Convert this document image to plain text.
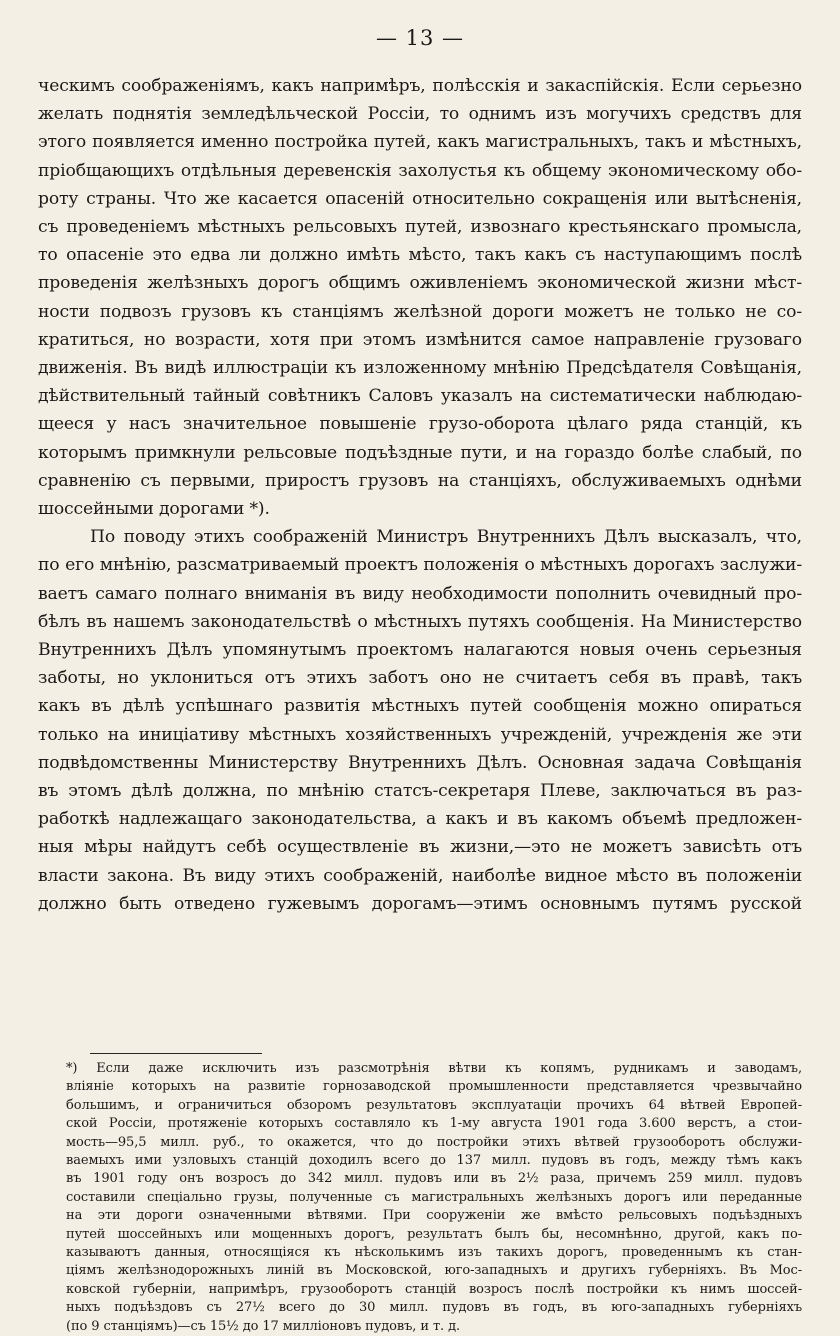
— 13 —
ческимъ соображеніямъ, какъ напримѣръ, полѣсскія и закаспійскія. Если серьезно
желать поднятія земледѣльческой Россіи, то однимъ изъ могучихъ средствъ для
этого появляется именно постройка путей, какъ магистральныхъ, такъ и мѣстныхъ,
пріобщающихъ отдѣльныя деревенскія захолустья къ общему экономическому обо-
роту страны. Что же касается опасеній относительно сокращенія или вытѣсненія,
съ проведеніемъ мѣстныхъ рельсовыхъ путей, извознаго крестьянскаго промысла,
то опасеніе это едва ли должно имѣть мѣсто, такъ какъ съ наступающимъ послѣ
проведенія желѣзныхъ дорогъ общимъ оживленіемъ экономической жизни мѣст-
ности подвозъ грузовъ къ станціямъ желѣзной дороги можетъ не только не со-
кратиться, но возрасти, хотя при этомъ измѣнится самое направленіе грузоваго
движенія. Въ видѣ иллюстраціи къ изложенному мнѣнію Предсѣдателя Совѣщанія,
дѣйствительный тайный совѣтникъ Саловъ указалъ на систематически наблюдаю-
щееся у насъ значительное повышеніе грузо-оборота цѣлаго ряда станцій, къ
которымъ примкнули рельсовые подъѣздные пути, и на гораздо болѣе слабый, по
сравненію съ первыми, приростъ грузовъ на станціяхъ, обслуживаемыхъ однѣми
шоссейными дорогами *).
По поводу этихъ соображеній Министръ Внутреннихъ Дѣлъ высказалъ, что,
по его мнѣнію, разсматриваемый проектъ положенія о мѣстныхъ дорогахъ заслужи-
ваетъ самаго полнаго вниманія въ виду необходимости пополнить очевидный про-
бѣлъ въ нашемъ законодательствѣ о мѣстныхъ путяхъ сообщенія. На Министерство
Внутреннихъ Дѣлъ упомянутымъ проектомъ налагаются новыя очень серьезныя
заботы, но уклониться отъ этихъ заботъ оно не считаетъ себя въ правѣ, такъ
какъ въ дѣлѣ успѣшнаго развитія мѣстныхъ путей сообщенія можно опираться
только на иниціативу мѣстныхъ хозяйственныхъ учрежденій, учрежденія же эти
подвѣдомственны Министерству Внутреннихъ Дѣлъ. Основная задача Совѣщанія
въ этомъ дѣлѣ должна, по мнѣнію статсъ-секретаря Плеве, заключаться въ раз-
работкѣ надлежащаго законодательства, а какъ и въ какомъ объемѣ предложен-
ныя мѣры найдутъ себѣ осуществленіе въ жизни,—это не можетъ зависѣть отъ
власти закона. Въ виду этихъ соображеній, наиболѣе видное мѣсто въ положеніи
должно быть отведено гужевымъ дорогамъ—этимъ основнымъ путямъ русской
*) Если даже исключить изъ разсмотрѣнія вѣтви къ копямъ, рудникамъ и заводамъ,
вліяніе которыхъ на развитіе горнозаводской промышленности представляется чрезвычайно
большимъ, и ограничиться обзоромъ результатовъ эксплуатаціи прочихъ 64 вѣтвей Европей-
ской Россіи, протяженіе которыхъ составляло къ 1-му августа 1901 года 3.600 верстъ, а стои-
мость—95,5 милл. руб., то окажется, что до постройки этихъ вѣтвей грузооборотъ обслужи-
ваемыхъ ими узловыхъ станцій доходилъ всего до 137 милл. пудовъ въ годъ, между тѣмъ какъ
въ 1901 году онъ возросъ до 342 милл. пудовъ или въ 2½ раза, причемъ 259 милл. пудовъ
составили спеціально грузы, полученные съ магистральныхъ желѣзныхъ дорогъ или переданные
на эти дороги означенными вѣтвями. При сооруженіи же вмѣсто рельсовыхъ подъѣздныхъ
путей шоссейныхъ или мощенныхъ дорогъ, результатъ былъ бы, несомнѣнно, другой, какъ по-
казываютъ данныя, относящіяся къ нѣсколькимъ изъ такихъ дорогъ, проведеннымъ къ стан-
ціямъ желѣзнодорожныхъ линій въ Московской, юго-западныхъ и другихъ губерніяхъ. Въ Мос-
ковской губерніи, напримѣръ, грузооборотъ станцій возросъ послѣ постройки къ нимъ шоссей-
ныхъ подъѣздовъ съ 27½ всего до 30 милл. пудовъ въ годъ, въ юго-западныхъ губерніяхъ
(по 9 станціямъ)—съ 15½ до 17 милліоновъ пудовъ, и т. д.
